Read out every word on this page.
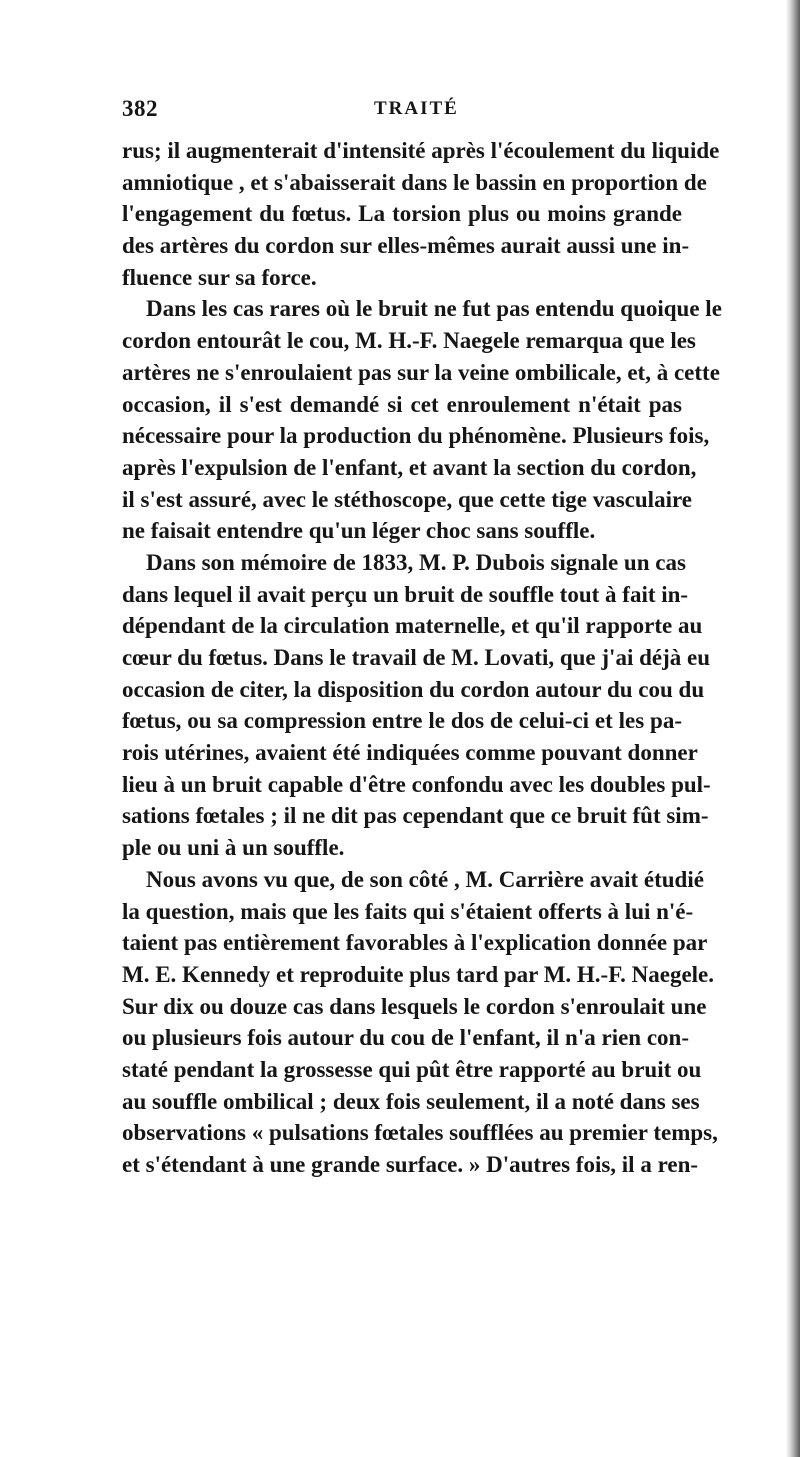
382	TRAITÉ
rus; il augmenterait d'intensité après l'écoulement du liquide
amniotique , et s'abaisserait dans le bassin en proportion de
l'engagement du fœtus. La torsion plus ou moins grande
des artères du cordon sur elles-mêmes aurait aussi une in-
fluence sur sa force.
Dans les cas rares où le bruit ne fut pas entendu quoique le
cordon entourât le cou, M. H.-F. Naegele remarqua que les
artères ne s'enroulaient pas sur la veine ombilicale, et, à cette
occasion, il s'est demandé si cet enroulement n'était pas
nécessaire pour la production du phénomène. Plusieurs fois,
après l'expulsion de l'enfant, et avant la section du cordon,
il s'est assuré, avec le stéthoscope, que cette tige vasculaire
ne faisait entendre qu'un léger choc sans souffle.
Dans son mémoire de 1833, M. P. Dubois signale un cas
dans lequel il avait perçu un bruit de souffle tout à fait in-
dépendant de la circulation maternelle, et qu'il rapporte au
cœur du fœtus. Dans le travail de M. Lovati, que j'ai déjà eu
occasion de citer, la disposition du cordon autour du cou du
fœtus, ou sa compression entre le dos de celui-ci et les pa-
rois utérines, avaient été indiquées comme pouvant donner
lieu à un bruit capable d'être confondu avec les doubles pul-
sations fœtales ; il ne dit pas cependant que ce bruit fût sim-
ple ou uni à un souffle.
Nous avons vu que, de son côté , M. Carrière avait étudié
la question, mais que les faits qui s'étaient offerts à lui n'é-
taient pas entièrement favorables à l'explication donnée par
M. E. Kennedy et reproduite plus tard par M. H.-F. Naegele.
Sur dix ou douze cas dans lesquels le cordon s'enroulait une
ou plusieurs fois autour du cou de l'enfant, il n'a rien con-
staté pendant la grossesse qui pût être rapporté au bruit ou
au souffle ombilical ; deux fois seulement, il a noté dans ses
observations « pulsations fœtales soufflées au premier temps,
et s'étendant à une grande surface. » D'autres fois, il a ren-
